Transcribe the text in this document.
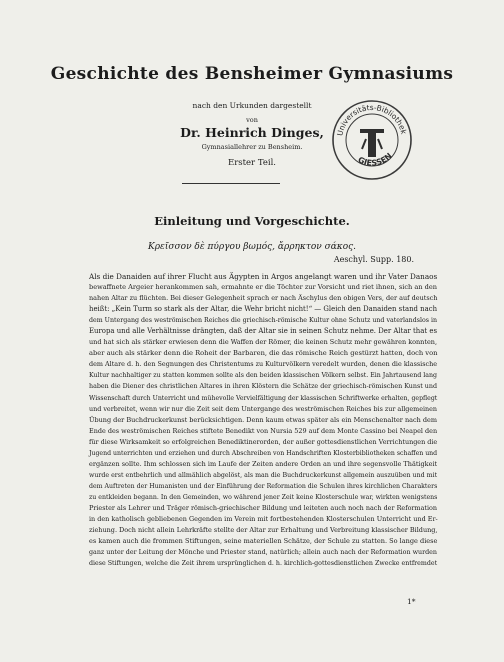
Geschichte des Bensheimer Gymnasiums
nach den Urkunden dargestellt
von
Dr. Heinrich Dinges,
Gymnasiallehrer zu Bensheim.
Erster Teil.
Universitäts-Bibliothek
GIESSEN
Einleitung und Vorgeschichte.
Κρεῖσσον δὲ πύργου βωμός, ἄρρηκτον σάκος.
Aeschyl. Supp. 180.
Als die Danaiden auf ihrer Flucht aus Ägypten in Argos angelangt waren und ihr Vater Danaos
bewaffnete Argeier herankommen sah, ermahnte er die Töchter zur Vorsicht und riet ihnen, sich an den
nahen Altar zu flüchten. Bei dieser Gelegenheit sprach er nach Äschylus den obigen Vers, der auf deutsch
heißt: „Kein Turm so stark als der Altar, die Wehr bricht nicht!“ — Gleich den Danaiden stand nach
dem Untergang des weströmischen Reiches die griechisch-römische Kultur ohne Schutz und vaterlandslos in
Europa und alle Verhältnisse drängten, daß der Altar sie in seinen Schutz nehme. Der Altar that es
und hat sich als stärker erwiesen denn die Waffen der Römer, die keinen Schutz mehr gewähren konnten,
aber auch als stärker denn die Roheit der Barbaren, die das römische Reich gestürzt hatten, doch von
dem Altare d. h. den Segnungen des Christentums zu Kulturvölkern veredelt wurden, denen die klassische
Kultur nachhaltiger zu statten kommen sollte als den beiden klassischen Völkern selbst. Ein Jahrtausend lang
haben die Diener des christlichen Altares in ihren Klöstern die Schätze der griechisch-römischen Kunst und
Wissenschaft durch Unterricht und mühevolle Vervielfältigung der klassischen Schriftwerke erhalten, gepflegt
und verbreitet, wenn wir nur die Zeit seit dem Untergange des weströmischen Reiches bis zur allgemeinen
Übung der Buchdruckerkunst berücksichtigen. Denn kaum etwas später als ein Menschenalter nach dem
Ende des weströmischen Reiches stiftete Benedikt von Nursia 529 auf dem Monte Cassino bei Neapel den
für diese Wirksamkeit so erfolgreichen Benediktinerorden, der außer gottesdienstlichen Verrichtungen die
Jugend unterrichten und erziehen und durch Abschreiben von Handschriften Klosterbibliotheken schaffen und
ergänzen sollte. Ihm schlossen sich im Laufe der Zeiten andere Orden an und ihre segensvolle Thätigkeit
wurde erst entbehrlich und allmählich abgelöst, als man die Buchdruckerkunst allgemein auszuüben und mit
dem Auftreten der Humanisten und der Einführung der Reformation die Schulen ihres kirchlichen Charakters
zu entkleiden begann. In den Gemeinden, wo während jener Zeit keine Klosterschule war, wirkten wenigstens
Priester als Lehrer und Träger römisch-griechischer Bildung und leiteten auch noch nach der Reformation
in den katholisch gebliebenen Gegenden im Verein mit fortbestehenden Klosterschulen Unterricht und Er-
ziehung. Doch nicht allein Lehrkräfte stellte der Altar zur Erhaltung und Verbreitung klassischer Bildung,
es kamen auch die frommen Stiftungen, seine materiellen Schätze, der Schule zu statten. So lange diese
ganz unter der Leitung der Mönche und Priester stand, natürlich; allein auch nach der Reformation wurden
diese Stiftungen, welche die Zeit ihrem ursprünglichen d. h. kirchlich-gottesdienstlichen Zwecke entfremdet
1*
